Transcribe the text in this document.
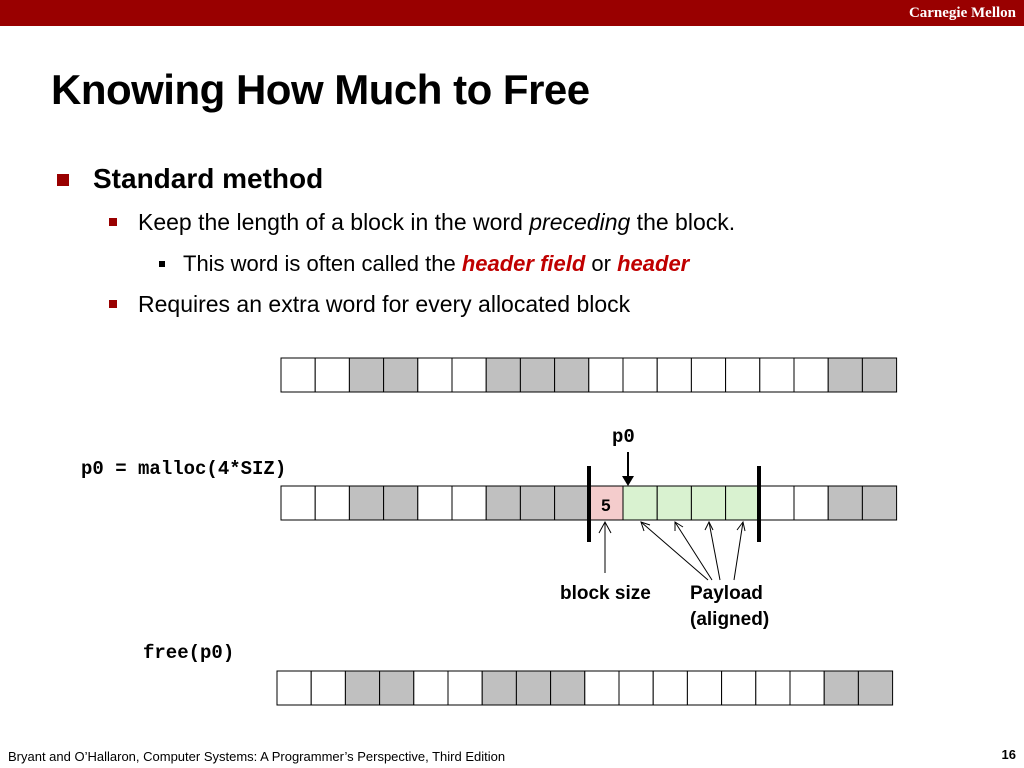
Carnegie Mellon
Knowing How Much to Free
Standard method
Keep the length of a block in the word preceding the block.
This word is often called the header field or header
Requires an extra word for every allocated block
5
p0
p0 = malloc(4*SIZ)
block size Payload
(aligned)
free(p0)
Bryant and O’Hallaron, Computer Systems: A Programmer’s Perspective, Third Edition	16
